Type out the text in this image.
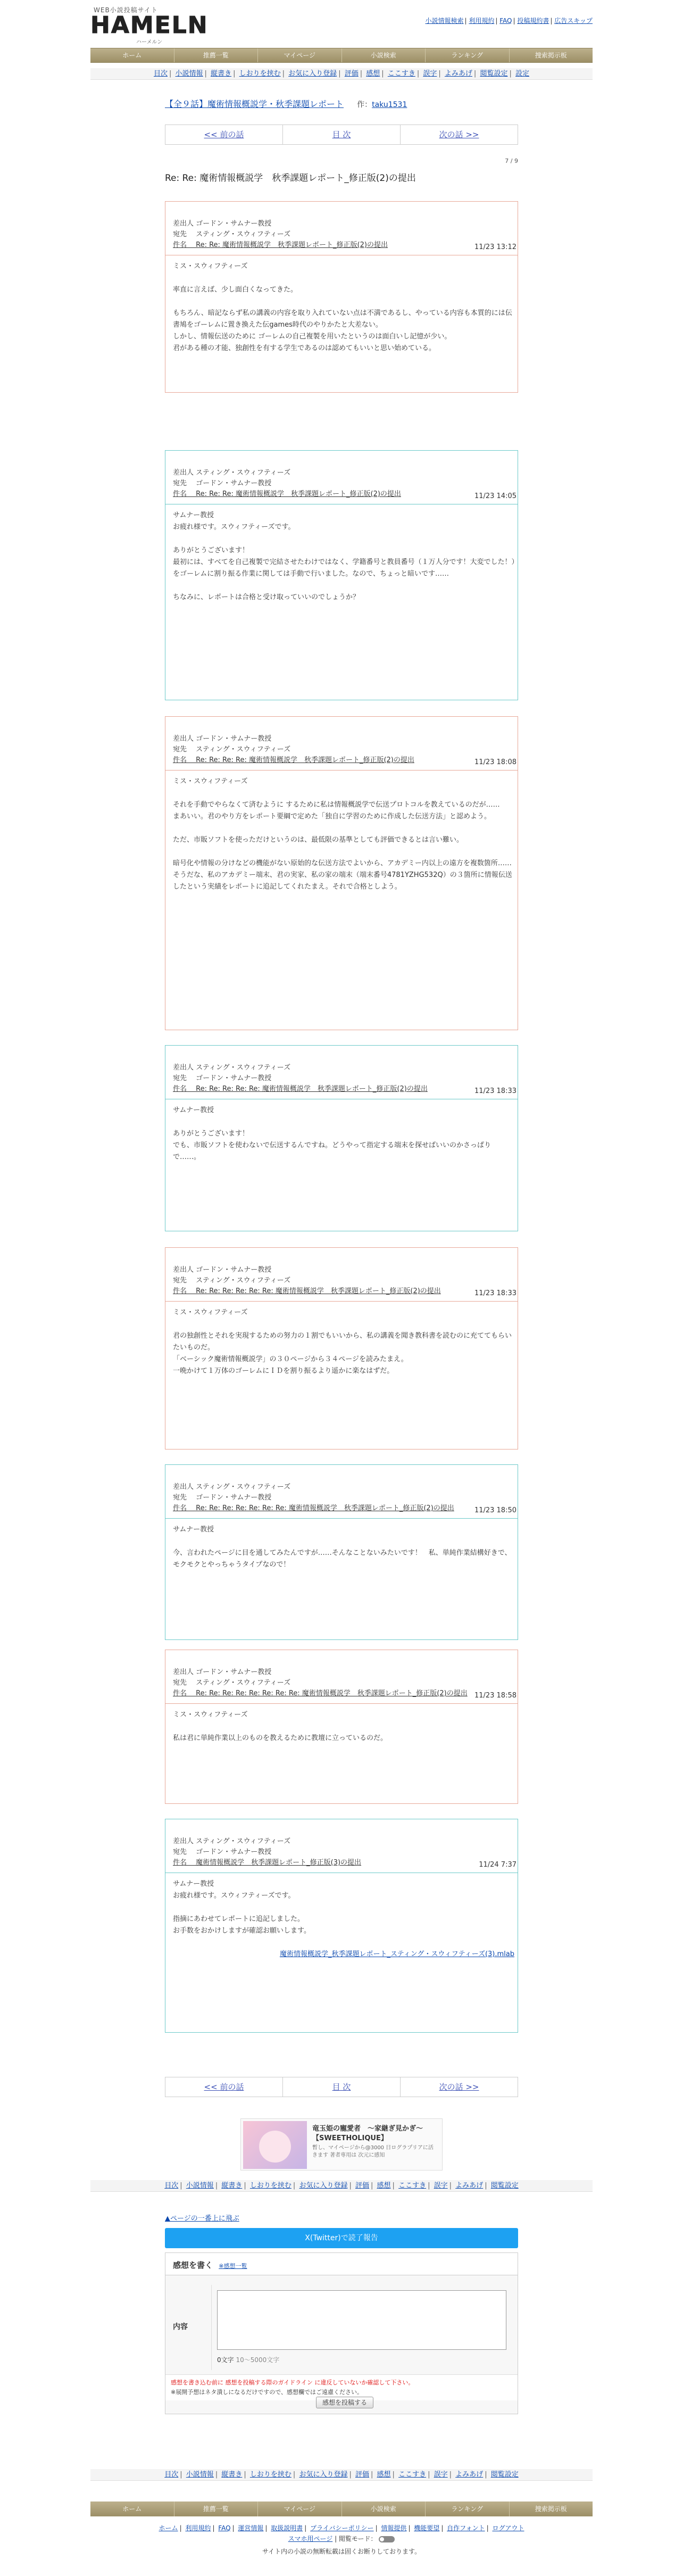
WEB小説投稿サイト
HAMELN
ハーメルン
小説情報検索 | 利用規約 | FAQ | 投稿規約書 | 広告スキップ
ホーム	推薦一覧	マイページ	小説検索	ランキング	捜索掲示板
目次 | 小説情報 | 縦書き | しおりを挟む | お気に入り登録 | 評価 | 感想 | ここすき | 誤字 | よみあげ | 閲覧設定 | 設定
【全９話】魔術情報概説学・秋季課題レポート 作：taku1531
<< 前の話	目 次	次の話 >>
7 / 9
Re: Re: 魔術情報概説学　秋季課題レポート_修正版(2)の提出
差出人 ゴードン・サムナー教授
宛先　 スティング・スウィフティーズ
件名　 Re: Re: 魔術情報概説学　秋季課題レポート_修正版(2)の提出	11/23 13:12

ミス・スウィフティーズ

率直に言えば、少し面白くなってきた。

もちろん、暗記ならず私の講義の内容を取り入れていない点は不満であるし、やっている内容も本質的には伝書鳩をゴーレムに置き換えた伝games時代のやりかたと大差ない。

しかし、情報伝送のために ゴーレムの自己複製を用いたというのは面白いし記憶が少い。

君がある種の才能、独創性を有する学生であるのは認めてもいいと思い始めている。

差出人 スティング・スウィフティーズ
宛先　 ゴードン・サムナー教授
件名　 Re: Re: Re: 魔術情報概説学　秋季課題レポート_修正版(2)の提出	11/23 14:05

サムナー教授

お疲れ様です。スウィフティーズです。

ありがとうございます！

最初には、すべてを自己複製で完結させたわけではなく、学籍番号と教員番号（１万人分です！大変でした！）をゴーレムに割り振る作業に関しては手動で行いました。なので、ちょっと暗いです……

ちなみに、レポートは合格と受け取っていいのでしょうか？

差出人 ゴードン・サムナー教授
宛先　 スティング・スウィフティーズ
件名　 Re: Re: Re: Re: 魔術情報概説学　秋季課題レポート_修正版(2)の提出	11/23 18:08

ミス・スウィフティーズ

それを手動でやらなくて済むように するために私は情報概説学で伝送プロトコルを教えているのだが……

まあいい。君のやり方をレポート要綱で定めた「独自に学習のために作成した伝送方法」と認めよう。

ただ、市販ソフトを使っただけというのは、最低限の基準としても評価できるとは言い難い。

暗号化や情報の分けなどの機能がない原始的な伝送方法でよいから、アカデミー内以上の遠方を複数箇所……そうだな、私のアカデミー端末、君の実家、私の家の端末（端末番号4781YZHG532Q）の３箇所に情報伝送したという実績をレポートに追記してくれたまえ。それで合格としよう。

差出人 スティング・スウィフティーズ
宛先　 ゴードン・サムナー教授
件名　 Re: Re: Re: Re: Re: 魔術情報概説学　秋季課題レポート_修正版(2)の提出	11/23 18:33

サムナー教授

ありがとうございます！

でも、市販ソフトを使わないで伝送するんですね。どうやって指定する端末を探せばいいのかさっぱりで……。

差出人 ゴードン・サムナー教授
宛先　 スティング・スウィフティーズ
件名　 Re: Re: Re: Re: Re: Re: 魔術情報概説学　秋季課題レポート_修正版(2)の提出	11/23 18:33

ミス・スウィフティーズ

君の独創性とそれを実現するための努力の１割でもいいから、私の講義を聞き教科書を読むのに充ててもらいたいものだ。

「ベーシック魔術情報概説学」の３０ページから３４ページを読みたまえ。

一晩かけて１万体のゴーレムにＩＤを割り振るより遥かに楽なはずだ。

差出人 スティング・スウィフティーズ
宛先　 ゴードン・サムナー教授
件名　 Re: Re: Re: Re: Re: Re: Re: 魔術情報概説学　秋季課題レポート_修正版(2)の提出	11/23 18:50

サムナー教授

今、言われたページに目を通してみたんですが……そんなことないみたいです！　私、単純作業結構好きで、モクモクとやっちゃうタイプなので！

差出人 ゴードン・サムナー教授
宛先　 スティング・スウィフティーズ
件名　 Re: Re: Re: Re: Re: Re: Re: Re: 魔術情報概説学　秋季課題レポート_修正版(2)の提出	11/23 18:58

ミス・スウィフティーズ

私は君に単純作業以上のものを教えるために教壇に立っているのだ。

差出人 スティング・スウィフティーズ
宛先　 ゴードン・サムナー教授
件名　 魔術情報概説学　秋季課題レポート_修正版(3)の提出	11/24 7:37

サムナー教授

お疲れ様です。スウィフティーズです。

指摘にあわせてレポートに追記しました。

お手数をおかけしますが確認お願いします。

魔術情報概説学_秋季課題レポート_スティング・スウィフティーズ(3).mlab
<< 前の話	目 次	次の話 >>
竜玉姫の寵愛者　〜家継ぎ見かぎ〜 【SWEETHOLIQUE】
暫し、マイページから@3000 日ログラプリアに活きます 著者専用は 次元に感知
目次 | 小説情報 | 縦書き | しおりを挟む | お気に入り登録 | 評価 | 感想 | ここすき | 誤字 | よみあげ | 閲覧設定
▲ページの一番上に飛ぶ
X(Twitter)で読了報告
感想を書く ※感想一覧
内容
0文字 10～5000文字
感想を書き込む前に 感想を投稿する際のガイドライン に違反していないか確認して下さい。
※展開予想はネタ潰しになるだけですので、感想欄ではご遠慮ください。
感想を投稿する
目次 | 小説情報 | 縦書き | しおりを挟む | お気に入り登録 | 評価 | 感想 | ここすき | 誤字 | よみあげ | 閲覧設定
ホーム	推薦一覧	マイページ	小説検索	ランキング	捜索掲示板
ホーム | 利用規約 | FAQ | 運営情報 | 取扱説明書 | プライバシーポリシー | 情報提供 | 機能要望 | 自作フォント | ログアウト
スマホ用ページ | 閲覧モード：
サイト内の小説の無断転載は固くお断りしております。
